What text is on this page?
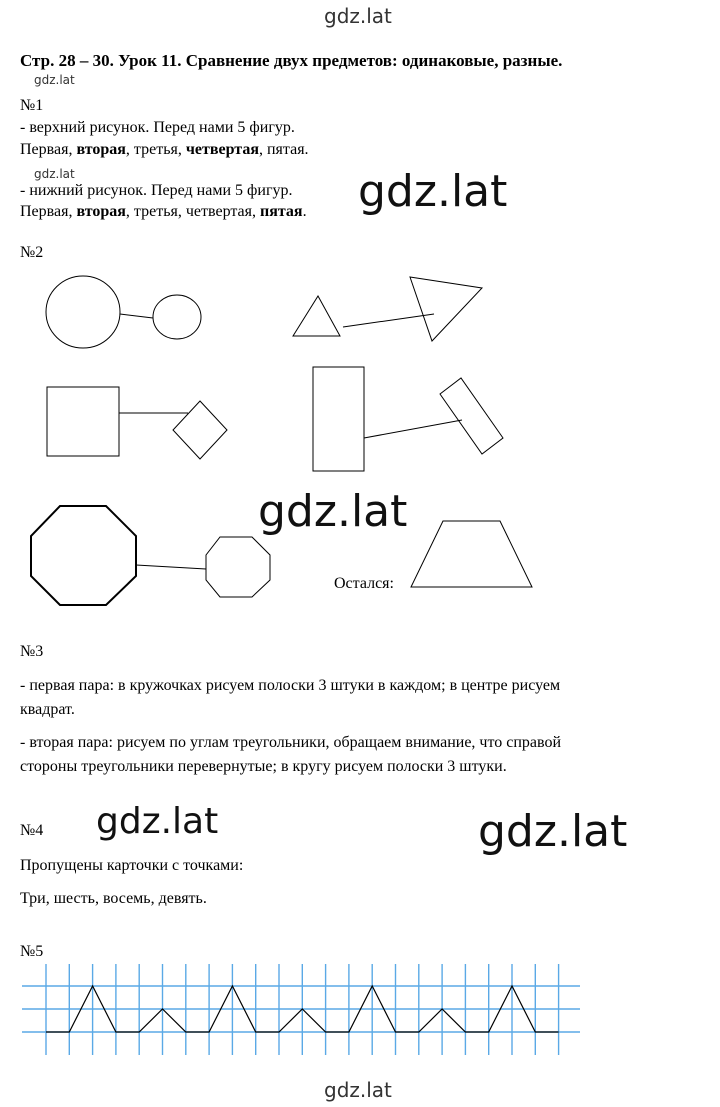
gdz.lat
gdz.lat
gdz.lat	gdz.lat
gdz.lat
gdz.lat	gdz.lat
gdz.lat
Стр. 28 – 30. Урок 11. Сравнение двух предметов: одинаковые, разные.
№1
- верхний рисунок. Перед нами 5 фигур.
Первая, вторая, третья, четвертая, пятая.
- нижний рисунок. Перед нами 5 фигур.
Первая, вторая, третья, четвертая, пятая.
№2
Остался:
№3
- первая пара: в кружочках рисуем полоски 3 штуки в каждом; в центре рисуем
квадрат.
- вторая пара: рисуем по углам треугольники, обращаем внимание, что справой
стороны треугольники перевернутые; в кругу рисуем полоски 3 штуки.
№4
Пропущены карточки с точками:
Три, шесть, восемь, девять.
№5
